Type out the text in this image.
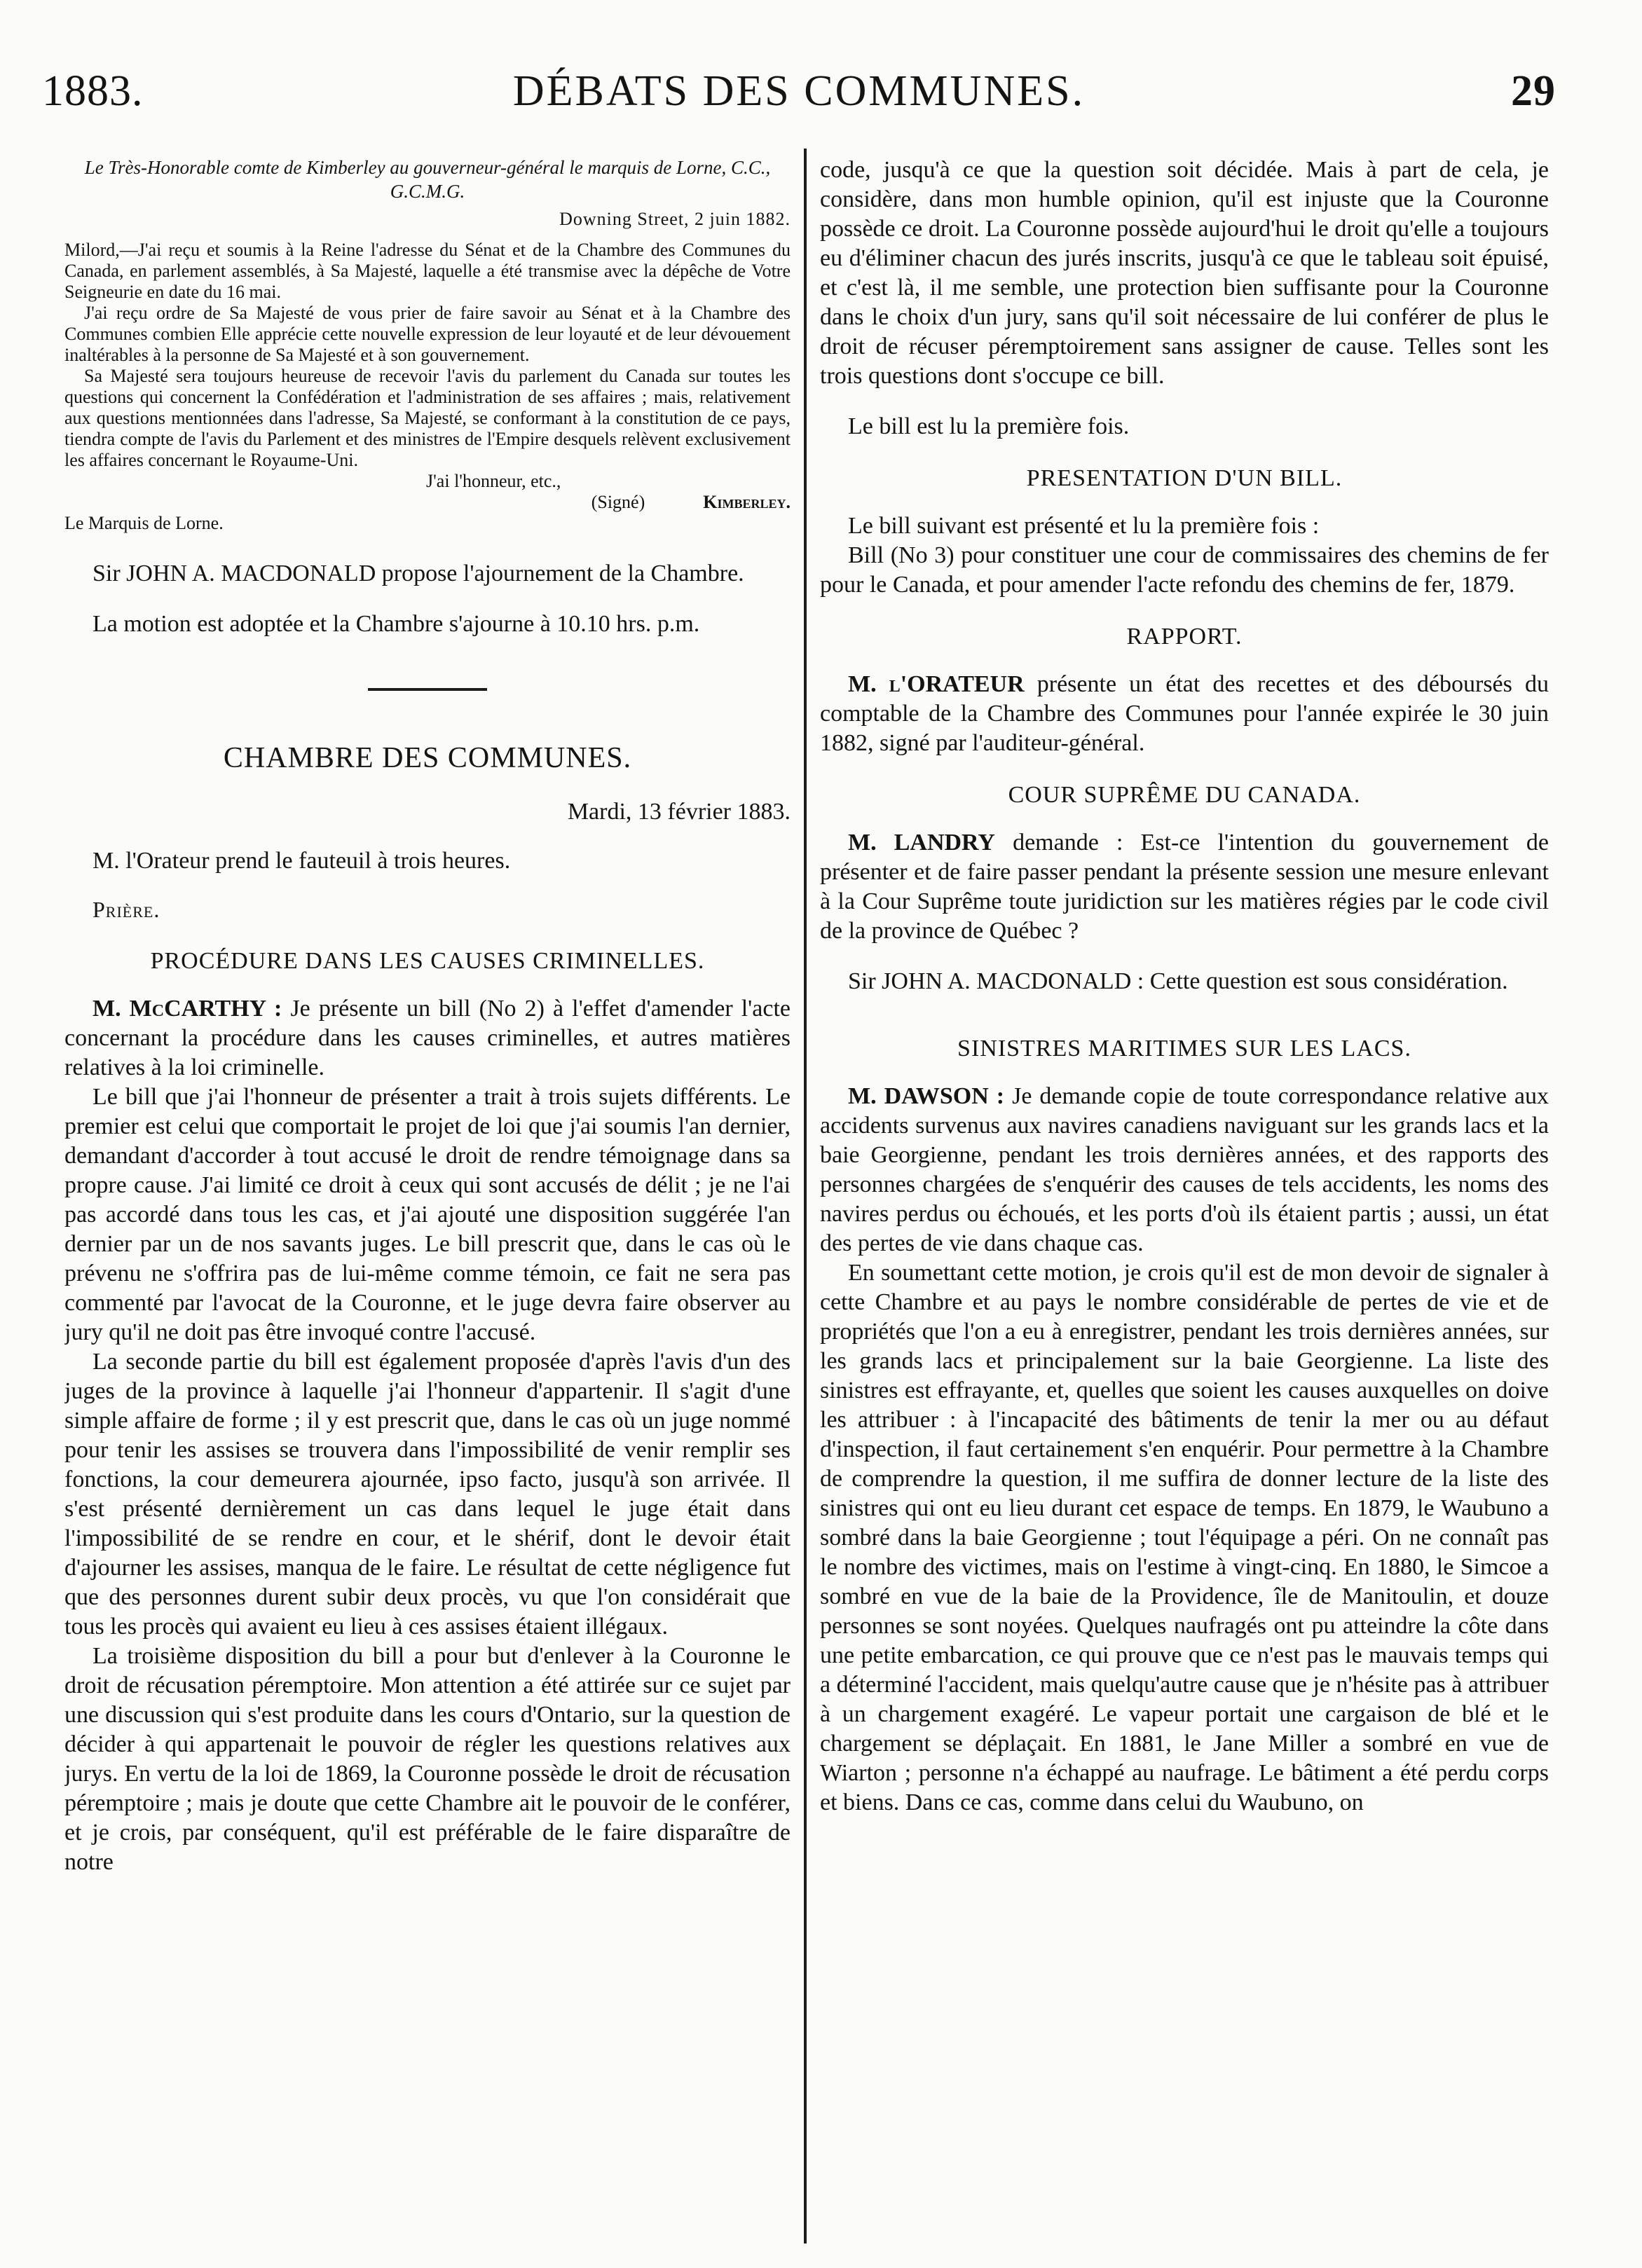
1883.	DÉBATS DES COMMUNES.	29

Le Très-Honorable comte de Kimberley au gouverneur-général le marquis de Lorne, C.C., G.C.M.G.

Downing Street, 2 juin 1882.

Milord,—J'ai reçu et soumis à la Reine l'adresse du Sénat et de la Chambre des Communes du Canada, en parlement assemblés, à Sa Majesté, laquelle a été transmise avec la dépêche de Votre Seigneurie en date du 16 mai.

J'ai reçu ordre de Sa Majesté de vous prier de faire savoir au Sénat et à la Chambre des Communes combien Elle apprécie cette nouvelle expression de leur loyauté et de leur dévouement inaltérables à la personne de Sa Majesté et à son gouvernement.

Sa Majesté sera toujours heureuse de recevoir l'avis du parlement du Canada sur toutes les questions qui concernent la Confédération et l'administration de ses affaires ; mais, relativement aux questions mentionnées dans l'adresse, Sa Majesté, se conformant à la constitution de ce pays, tiendra compte de l'avis du Parlement et des ministres de l'Empire desquels relèvent exclusivement les affaires concernant le Royaume-Uni.

J'ai l'honneur, etc.,

(Signé)	Kimberley.

Le Marquis de Lorne.

Sir JOHN A. MACDONALD propose l'ajournement de la Chambre.

La motion est adoptée et la Chambre s'ajourne à 10.10 hrs. p.m.

CHAMBRE DES COMMUNES.

Mardi, 13 février 1883.

M. l'Orateur prend le fauteuil à trois heures.

Prière.

PROCÉDURE DANS LES CAUSES CRIMINELLES.

M. McCARTHY : Je présente un bill (No 2) à l'effet d'amender l'acte concernant la procédure dans les causes criminelles, et autres matières relatives à la loi criminelle.

Le bill que j'ai l'honneur de présenter a trait à trois sujets différents. Le premier est celui que comportait le projet de loi que j'ai soumis l'an dernier, demandant d'accorder à tout accusé le droit de rendre témoignage dans sa propre cause. J'ai limité ce droit à ceux qui sont accusés de délit ; je ne l'ai pas accordé dans tous les cas, et j'ai ajouté une disposition suggérée l'an dernier par un de nos savants juges. Le bill prescrit que, dans le cas où le prévenu ne s'offrira pas de lui-même comme témoin, ce fait ne sera pas commenté par l'avocat de la Couronne, et le juge devra faire observer au jury qu'il ne doit pas être invoqué contre l'accusé.

La seconde partie du bill est également proposée d'après l'avis d'un des juges de la province à laquelle j'ai l'honneur d'appartenir. Il s'agit d'une simple affaire de forme ; il y est prescrit que, dans le cas où un juge nommé pour tenir les assises se trouvera dans l'impossibilité de venir remplir ses fonctions, la cour demeurera ajournée, ipso facto, jusqu'à son arrivée. Il s'est présenté dernièrement un cas dans lequel le juge était dans l'impossibilité de se rendre en cour, et le shérif, dont le devoir était d'ajourner les assises, manqua de le faire. Le résultat de cette négligence fut que des personnes durent subir deux procès, vu que l'on considérait que tous les procès qui avaient eu lieu à ces assises étaient illégaux.

La troisième disposition du bill a pour but d'enlever à la Couronne le droit de récusation péremptoire. Mon attention a été attirée sur ce sujet par une discussion qui s'est produite dans les cours d'Ontario, sur la question de décider à qui appartenait le pouvoir de régler les questions relatives aux jurys. En vertu de la loi de 1869, la Couronne possède le droit de récusation péremptoire ; mais je doute que cette Chambre ait le pouvoir de le conférer, et je crois, par conséquent, qu'il est préférable de le faire disparaître de notre

code, jusqu'à ce que la question soit décidée. Mais à part de cela, je considère, dans mon humble opinion, qu'il est injuste que la Couronne possède ce droit. La Couronne possède aujourd'hui le droit qu'elle a toujours eu d'éliminer chacun des jurés inscrits, jusqu'à ce que le tableau soit épuisé, et c'est là, il me semble, une protection bien suffisante pour la Couronne dans le choix d'un jury, sans qu'il soit nécessaire de lui conférer de plus le droit de récuser péremptoirement sans assigner de cause. Telles sont les trois questions dont s'occupe ce bill.

Le bill est lu la première fois.

PRESENTATION D'UN BILL.

Le bill suivant est présenté et lu la première fois :

Bill (No 3) pour constituer une cour de commissaires des chemins de fer pour le Canada, et pour amender l'acte refondu des chemins de fer, 1879.

RAPPORT.

M. l'ORATEUR présente un état des recettes et des déboursés du comptable de la Chambre des Communes pour l'année expirée le 30 juin 1882, signé par l'auditeur-général.

COUR SUPRÊME DU CANADA.

M. LANDRY demande : Est-ce l'intention du gouvernement de présenter et de faire passer pendant la présente session une mesure enlevant à la Cour Suprême toute juridiction sur les matières régies par le code civil de la province de Québec ?

Sir JOHN A. MACDONALD : Cette question est sous considération.

SINISTRES MARITIMES SUR LES LACS.

M. DAWSON : Je demande copie de toute correspondance relative aux accidents survenus aux navires canadiens naviguant sur les grands lacs et la baie Georgienne, pendant les trois dernières années, et des rapports des personnes chargées de s'enquérir des causes de tels accidents, les noms des navires perdus ou échoués, et les ports d'où ils étaient partis ; aussi, un état des pertes de vie dans chaque cas.

En soumettant cette motion, je crois qu'il est de mon devoir de signaler à cette Chambre et au pays le nombre considérable de pertes de vie et de propriétés que l'on a eu à enregistrer, pendant les trois dernières années, sur les grands lacs et principalement sur la baie Georgienne. La liste des sinistres est effrayante, et, quelles que soient les causes auxquelles on doive les attribuer : à l'incapacité des bâtiments de tenir la mer ou au défaut d'inspection, il faut certainement s'en enquérir. Pour permettre à la Chambre de comprendre la question, il me suffira de donner lecture de la liste des sinistres qui ont eu lieu durant cet espace de temps. En 1879, le Waubuno a sombré dans la baie Georgienne ; tout l'équipage a péri. On ne connaît pas le nombre des victimes, mais on l'estime à vingt-cinq. En 1880, le Simcoe a sombré en vue de la baie de la Providence, île de Manitoulin, et douze personnes se sont noyées. Quelques naufragés ont pu atteindre la côte dans une petite embarcation, ce qui prouve que ce n'est pas le mauvais temps qui a déterminé l'accident, mais quelqu'autre cause que je n'hésite pas à attribuer à un chargement exagéré. Le vapeur portait une cargaison de blé et le chargement se déplaçait. En 1881, le Jane Miller a sombré en vue de Wiarton ; personne n'a échappé au naufrage. Le bâtiment a été perdu corps et biens. Dans ce cas, comme dans celui du Waubuno, on
